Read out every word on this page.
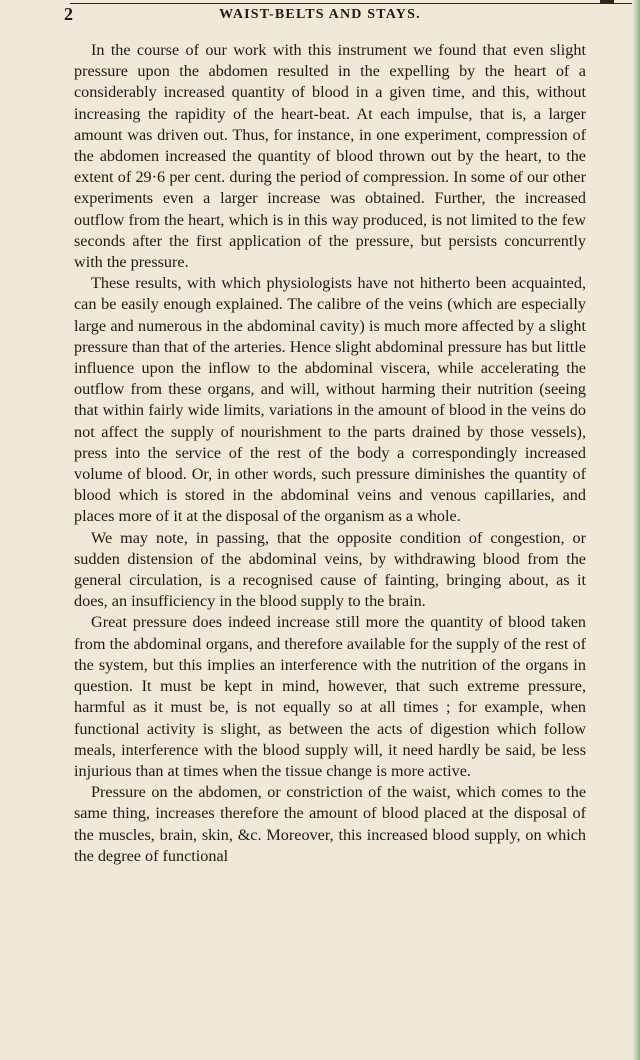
2	WAIST-BELTS AND STAYS.

In the course of our work with this instrument we found that even slight pressure upon the abdomen resulted in the expelling by the heart of a considerably increased quantity of blood in a given time, and this, without increasing the rapidity of the heart-beat. At each impulse, that is, a larger amount was driven out. Thus, for instance, in one experiment, compression of the abdomen increased the quantity of blood thrown out by the heart, to the extent of 29·6 per cent. during the period of compression. In some of our other experiments even a larger increase was obtained. Further, the increased outflow from the heart, which is in this way produced, is not limited to the few seconds after the first application of the pressure, but persists concurrently with the pressure.

These results, with which physiologists have not hitherto been acquainted, can be easily enough explained. The calibre of the veins (which are especially large and numerous in the abdominal cavity) is much more affected by a slight pressure than that of the arteries. Hence slight abdominal pressure has but little influence upon the inflow to the abdominal viscera, while accelerating the outflow from these organs, and will, without harming their nutrition (seeing that within fairly wide limits, variations in the amount of blood in the veins do not affect the supply of nourishment to the parts drained by those vessels), press into the service of the rest of the body a correspondingly increased volume of blood. Or, in other words, such pressure diminishes the quantity of blood which is stored in the abdominal veins and venous capillaries, and places more of it at the disposal of the organism as a whole.

We may note, in passing, that the opposite condition of congestion, or sudden distension of the abdominal veins, by withdrawing blood from the general circulation, is a recognised cause of fainting, bringing about, as it does, an insufficiency in the blood supply to the brain.

Great pressure does indeed increase still more the quantity of blood taken from the abdominal organs, and therefore available for the supply of the rest of the system, but this implies an interference with the nutrition of the organs in question. It must be kept in mind, however, that such extreme pressure, harmful as it must be, is not equally so at all times ; for example, when functional activity is slight, as between the acts of digestion which follow meals, interference with the blood supply will, it need hardly be said, be less injurious than at times when the tissue change is more active.

Pressure on the abdomen, or constriction of the waist, which comes to the same thing, increases therefore the amount of blood placed at the disposal of the muscles, brain, skin, &c. Moreover, this increased blood supply, on which the degree of functional
